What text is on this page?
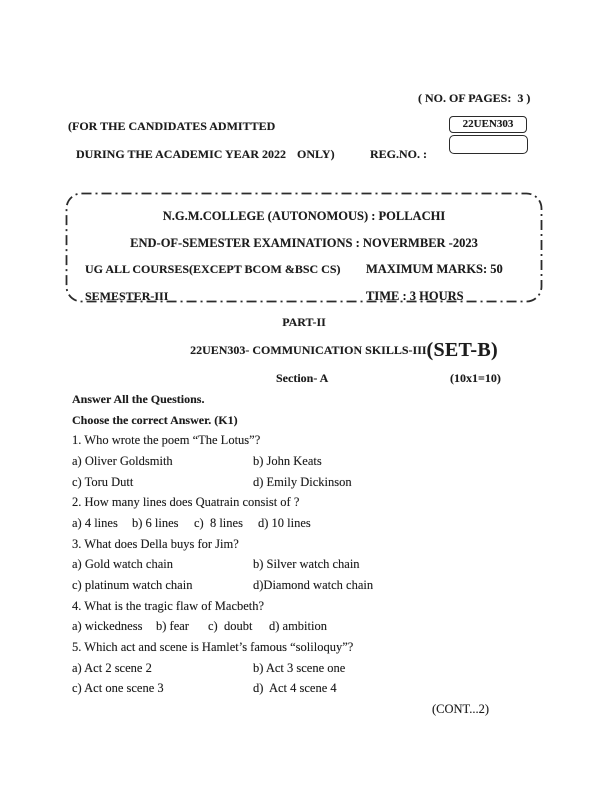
( NO. OF PAGES:  3 )
(FOR THE CANDIDATES ADMITTED
DURING THE ACADEMIC YEAR 2022 ONLY)	REG.NO. :
22UEN303

N.G.M.COLLEGE (AUTONOMOUS) : POLLACHI

END-OF-SEMESTER EXAMINATIONS : NOVERMBER -2023

UG ALL COURSES(EXCEPT BCOM &BSC CS)

MAXIMUM MARKS: 50

SEMESTER-III

	TIME : 3 HOURS

PART-II
22UEN303- COMMUNICATION SKILLS-III (SET-B)
Section- A	(10x1=10)
Answer All the Questions.
Choose the correct Answer. (K1)
1. Who wrote the poem “The Lotus”?
a) Oliver Goldsmith	b) John Keats
c) Toru Dutt	d) Emily Dickinson
2. How many lines does Quatrain consist of ?
a) 4 lines	b) 6 lines	c)  8 lines	d) 10 lines
3. What does Della buys for Jim?
a) Gold watch chain	b) Silver watch chain
c) platinum watch chain	d)Diamond watch chain
4. What is the tragic flaw of Macbeth?
a) wickedness	b) fear	c)  doubt	d) ambition
5. Which act and scene is Hamlet’s famous “soliloquy”?
a) Act 2 scene 2	b) Act 3 scene one
c) Act one scene 3	d)  Act 4 scene 4
(CONT...2)
